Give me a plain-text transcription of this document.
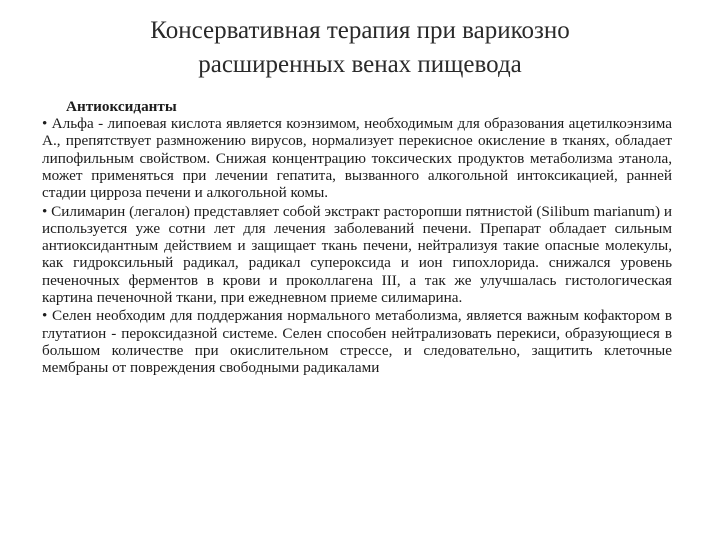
Консервативная терапия при варикозно
расширенных венах пищевода

Антиоксиданты

• Альфа - липоевая кислота является коэнзимом, необходимым для образования ацетилкоэнзима А., препятствует размножению вирусов, нормализует перекисное окисление в тканях, обладает липофильным свойством. Снижая концентрацию токсических продуктов метаболизма этанола, может применяться при лечении гепатита, вызванного алкогольной интоксикацией, ранней стадии цирроза печени и алкогольной комы.

• Силимарин (легалон) представляет собой экстракт расторопши пятнистой (Silibum marianum) и используется уже сотни лет для лечения заболеваний печени. Препарат обладает сильным антиоксидантным действием и защищает ткань печени, нейтрализуя такие опасные молекулы, как гидроксильный радикал, радикал супероксида и ион гипохлорида. снижался уровень печеночных ферментов в крови и проколлагена III, а так же улучшалась гистологическая картина печеночной ткани, при ежедневном приеме силимарина.

• Селен необходим для поддержания нормального метаболизма, является важным кофактором в глутатион - пероксидазной системе. Селен способен нейтрализовать перекиси, образующиеся в большом количестве при окислительном стрессе, и следовательно, защитить клеточные мембраны от повреждения свободными радикалами
